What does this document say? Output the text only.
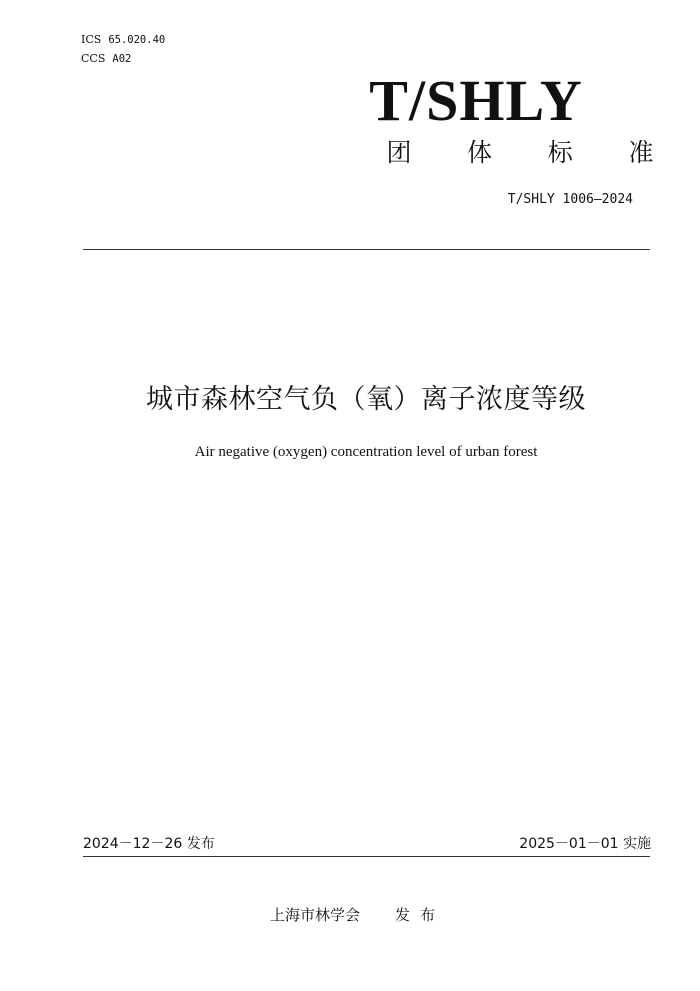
ICS 65.020.40
CCS A02
T/SHLY
团 体 标 准
T/SHLY 1006—2024
城市森林空气负（氧）离子浓度等级
Air negative (oxygen) concentration level of urban forest
2024－12－26 发布	2025－01－01 实施
上海市林学会 发布
